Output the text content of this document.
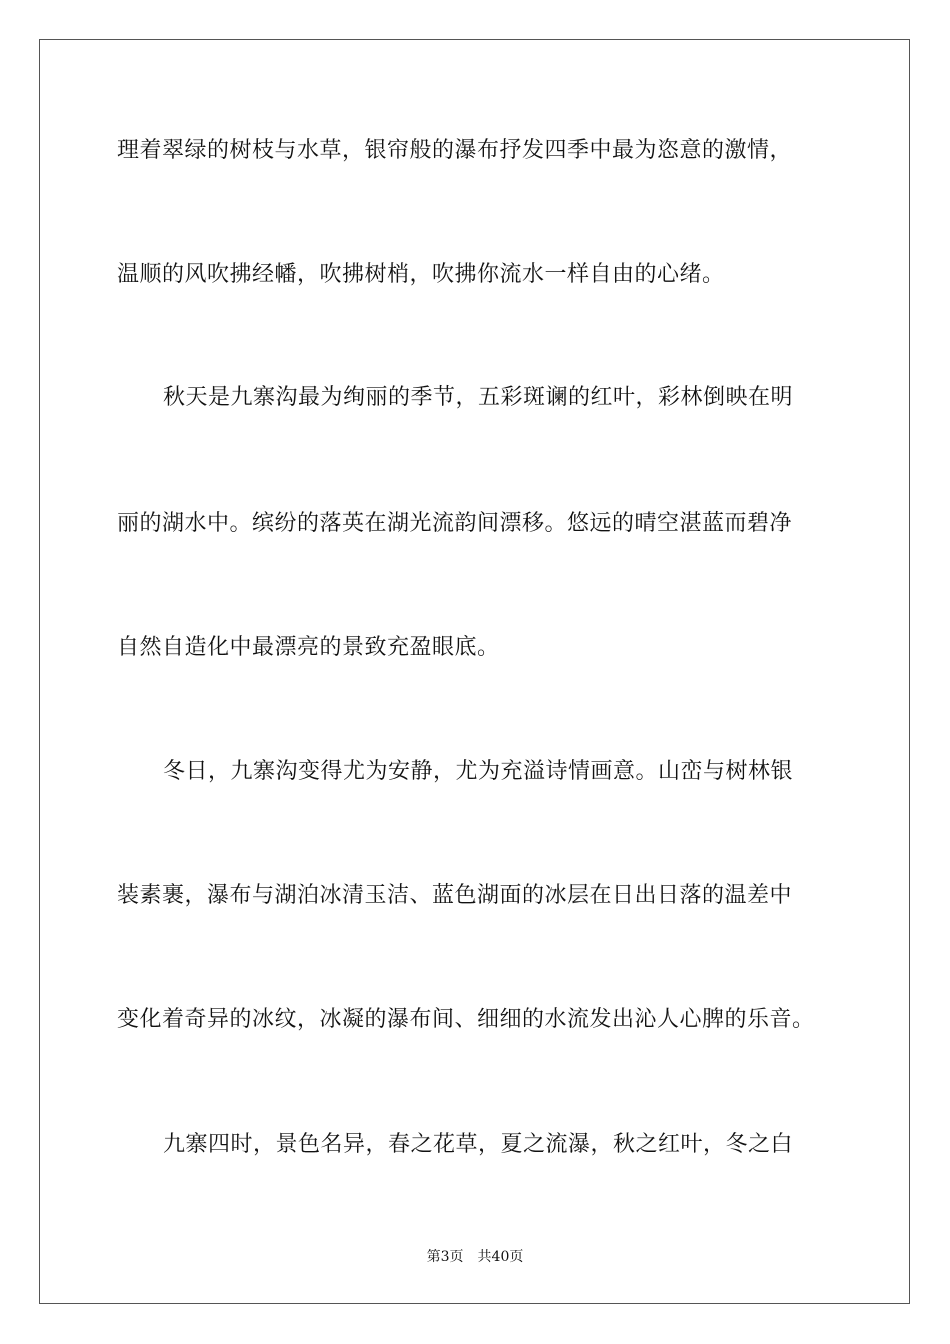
理着翠绿的树枝与水草，银帘般的瀑布抒发四季中最为恣意的激情，
温顺的风吹拂经幡，吹拂树梢，吹拂你流水一样自由的心绪。
秋天是九寨沟最为绚丽的季节，五彩斑谰的红叶，彩林倒映在明
丽的湖水中。缤纷的落英在湖光流韵间漂移。悠远的晴空湛蓝而碧净
自然自造化中最漂亮的景致充盈眼底。
冬日，九寨沟变得尤为安静，尤为充溢诗情画意。山峦与树林银
装素裹，瀑布与湖泊冰清玉洁、蓝色湖面的冰层在日出日落的温差中
变化着奇异的冰纹，冰凝的瀑布间、细细的水流发出沁人心脾的乐音。
九寨四时，景色名异，春之花草，夏之流瀑，秋之红叶，冬之白
第3页 共40页
